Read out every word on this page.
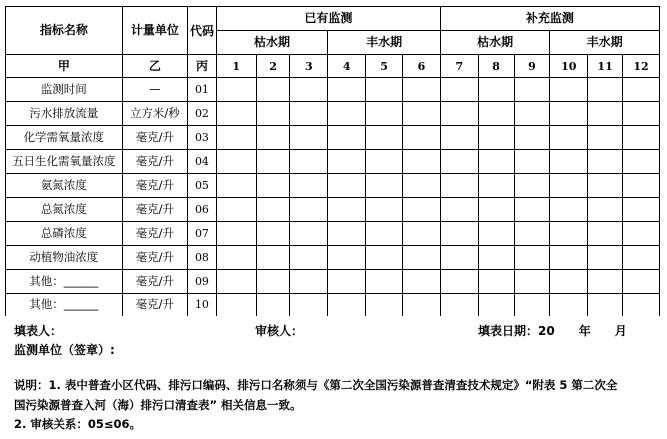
指标名称	计量单位	代码	已有监测						补充监测					
			枯水期			丰水期			枯水期			丰水期		
甲	乙	丙	1	2	3	4	5	6	7	8	9	10	11	12
监测时间	—	01												
污水排放流量	立方米/秒	02												
化学需氧量浓度	毫克/升	03												
五日生化需氧量浓度	毫克/升	04												
氨氮浓度	毫克/升	05												
总氮浓度	毫克/升	06												
总磷浓度	毫克/升	07												
动植物油浓度	毫克/升	08												
其他：______	毫克/升	09												
其他：______	毫克/升	10												
填表人：	审核人：	填表日期：20　　年　　月
监测单位（签章）:
说明：1. 表中普查小区代码、排污口编码、排污口名称须与《第二次全国污染源普查清查技术规定》“附表 5 第二次全
国污染源普查入河（海）排污口清查表” 相关信息一致。
2. 审核关系：05≤06。
